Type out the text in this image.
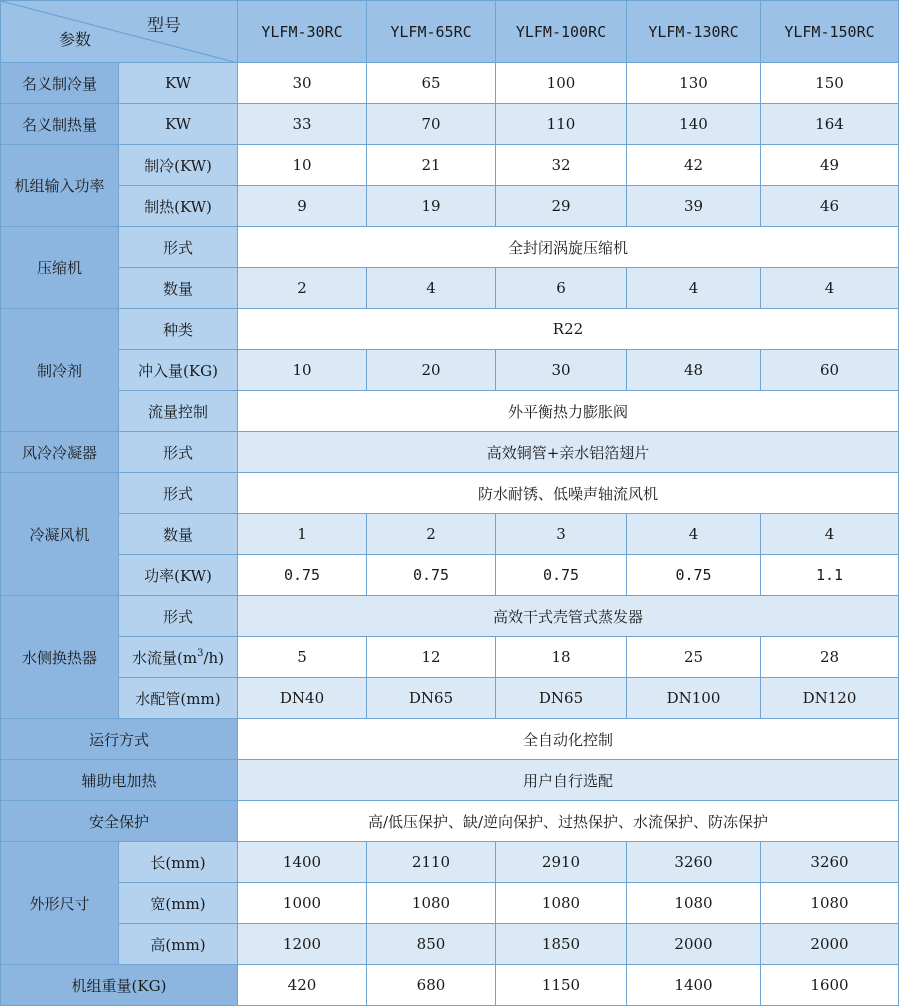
型号
参数		YLFM-30RC	YLFM-65RC	YLFM-100RC	YLFM-130RC	YLFM-150RC
名义制冷量	KW	30	65	100	130	150
名义制热量	KW	33	70	110	140	164
机组输入功率	制冷(KW)	10	21	32	42	49
	制热(KW)	9	19	29	39	46
压缩机	形式	全封闭涡旋压缩机				
	数量	2	4	6	4	4
制冷剂	种类	R22				
	冲入量(KG)	10	20	30	48	60
	流量控制	外平衡热力膨胀阀				
风冷冷凝器	形式	高效铜管+亲水铝箔翅片				
冷凝风机	形式	防水耐锈、低噪声轴流风机				
	数量	1	2	3	4	4
	功率(KW)	0.75	0.75	0.75	0.75	1.1
水侧换热器	形式	高效干式壳管式蒸发器				
	水流量$(m^3/h)$	5	12	18	25	28
	水配管(mm)	DN40	DN65	DN65	DN100	DN120
运行方式		全自动化控制				
辅助电加热		用户自行选配				
安全保护		高/低压保护、缺/逆向保护、过热保护、水流保护、防冻保护				
外形尺寸	长(mm)	1400	2110	2910	3260	3260
	宽(mm)	1000	1080	1080	1080	1080
	高(mm)	1200	850	1850	2000	2000
机组重量(KG)		420	680	1150	1400	1600
